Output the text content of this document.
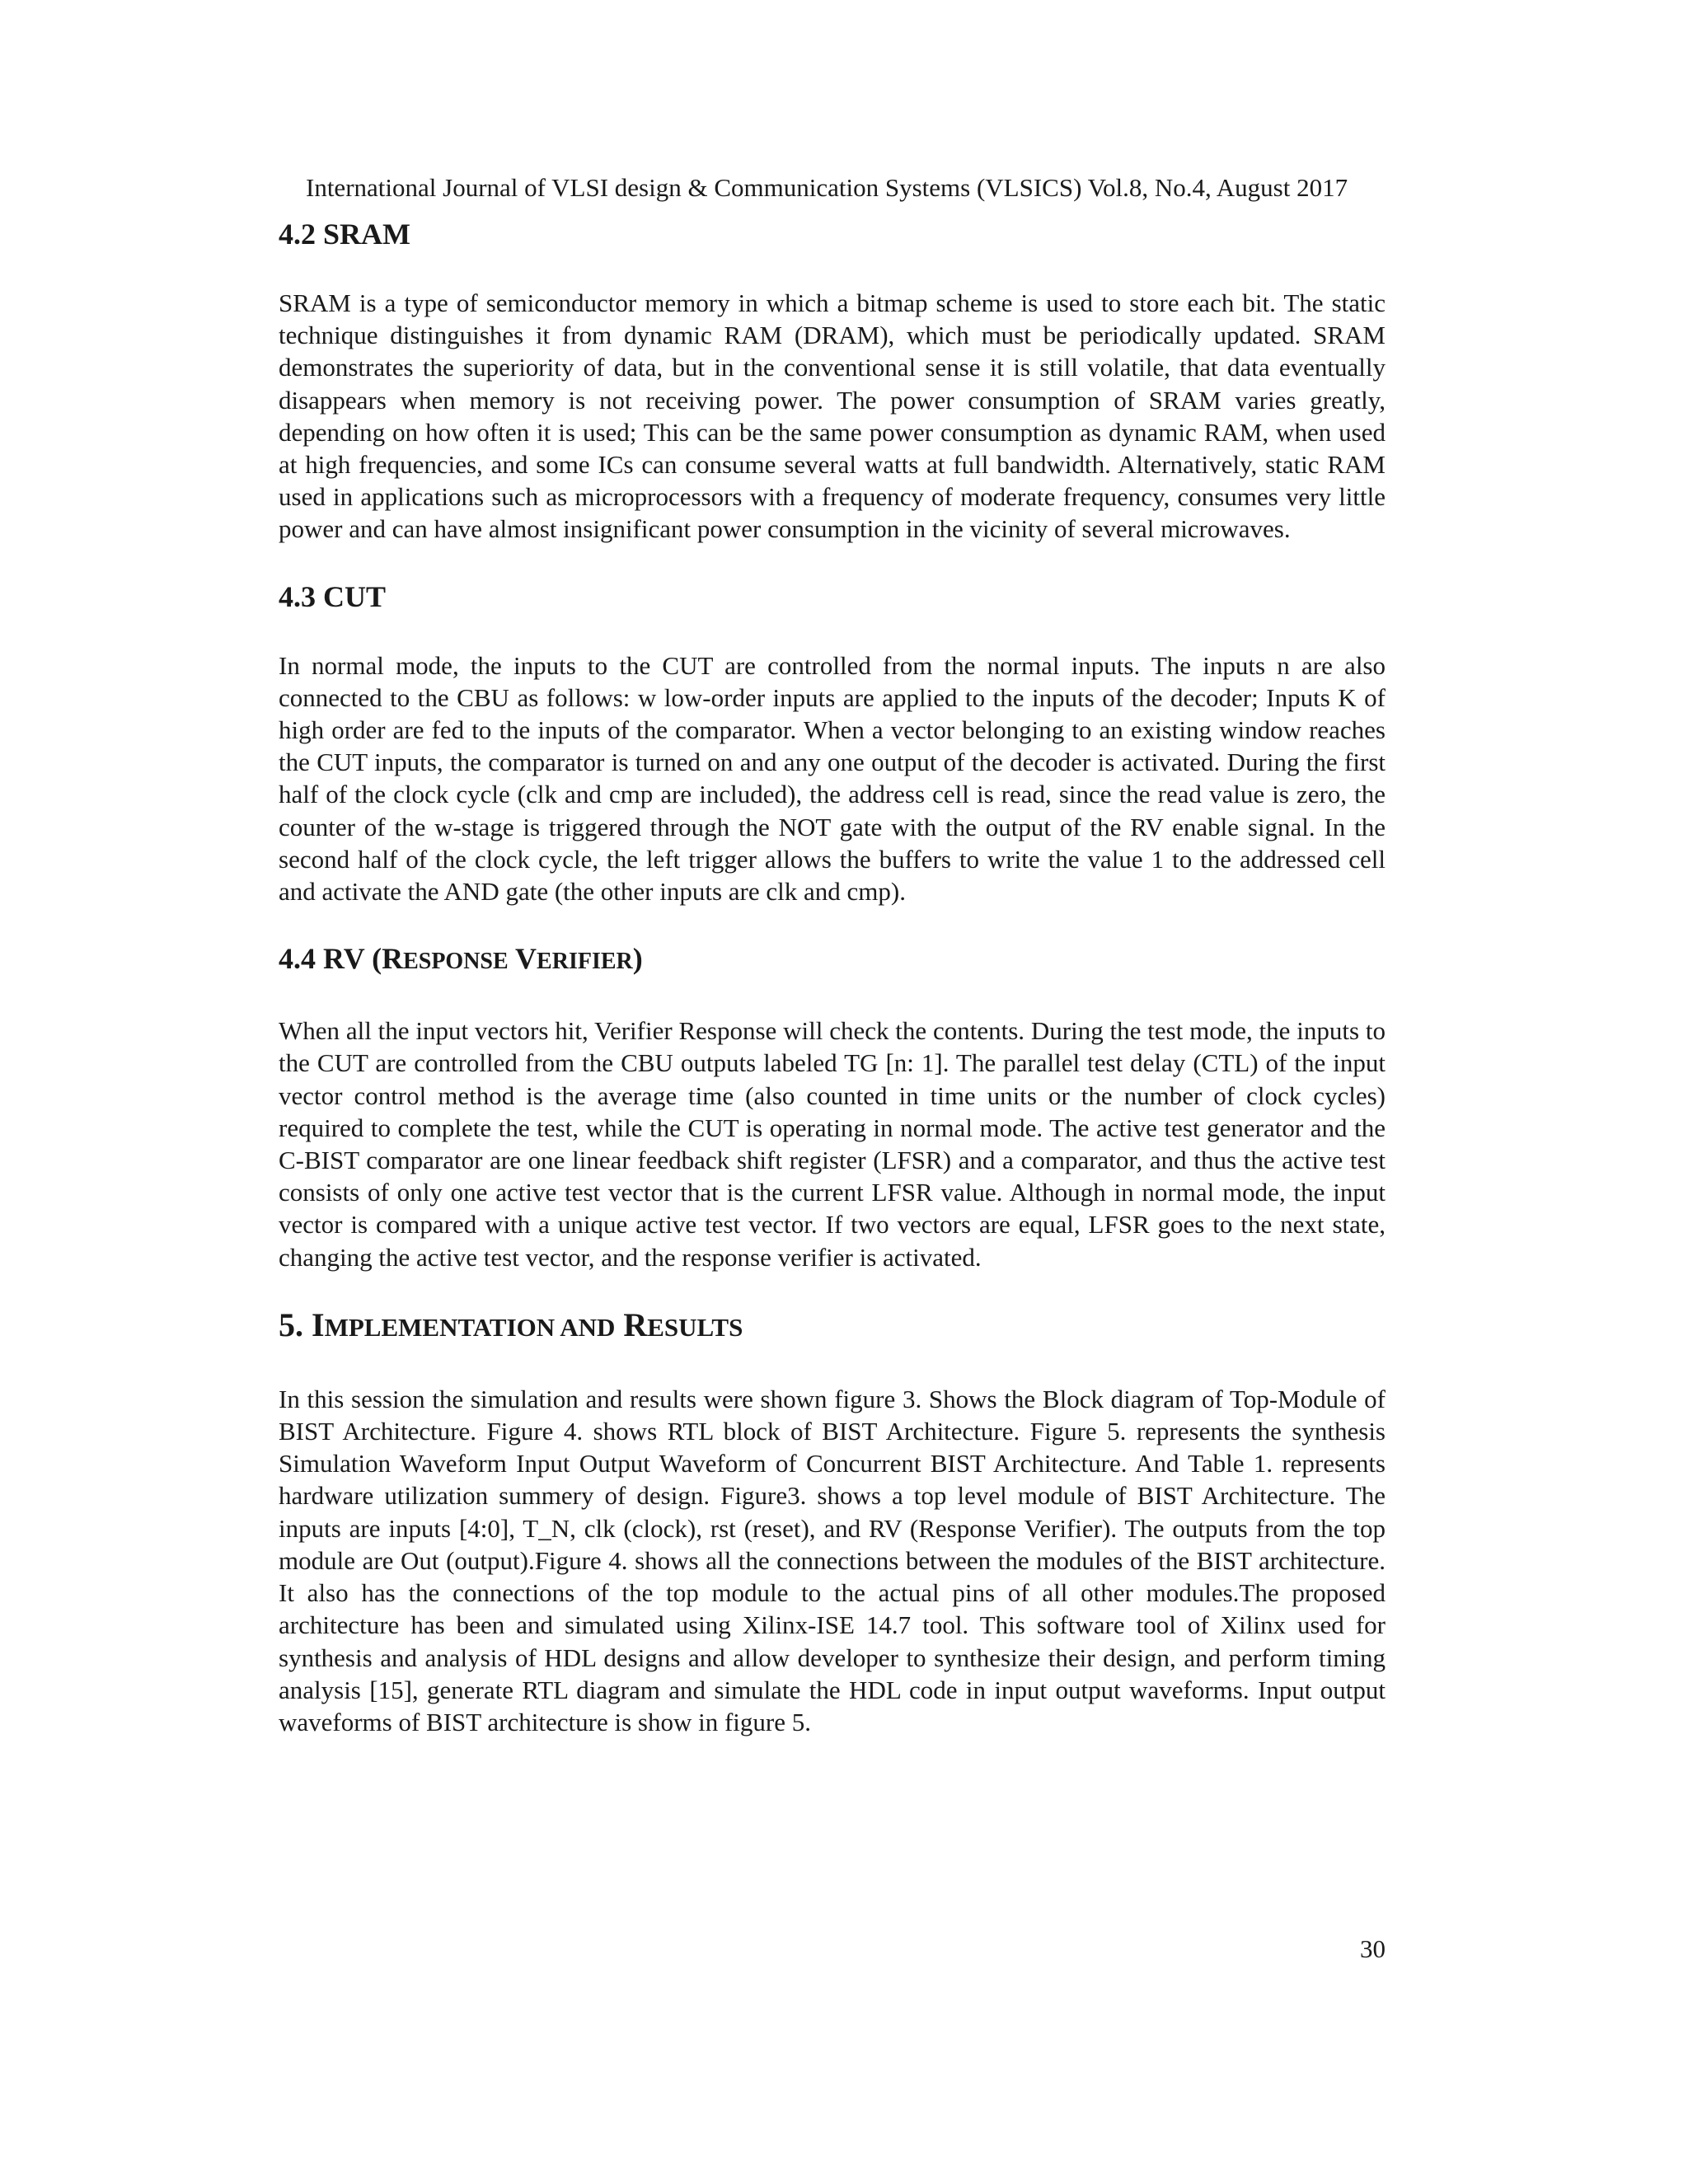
International Journal of VLSI design & Communication Systems (VLSICS) Vol.8, No.4, August 2017
4.2 SRAM

SRAM is a type of semiconductor memory in which a bitmap scheme is used to store each bit. The static technique distinguishes it from dynamic RAM (DRAM), which must be periodically updated. SRAM demonstrates the superiority of data, but in the conventional sense it is still volatile, that data eventually disappears when memory is not receiving power. The power consumption of SRAM varies greatly, depending on how often it is used; This can be the same power consumption as dynamic RAM, when used at high frequencies, and some ICs can consume several watts at full bandwidth. Alternatively, static RAM used in applications such as microprocessors with a frequency of moderate frequency, consumes very little power and can have almost insignificant power consumption in the vicinity of several microwaves.

4.3 CUT

In normal mode, the inputs to the CUT are controlled from the normal inputs. The inputs n are also connected to the CBU as follows: w low-order inputs are applied to the inputs of the decoder; Inputs K of high order are fed to the inputs of the comparator. When a vector belonging to an existing window reaches the CUT inputs, the comparator is turned on and any one output of the decoder is activated. During the first half of the clock cycle (clk and cmp are included), the address cell is read, since the read value is zero, the counter of the w-stage is triggered through the NOT gate with the output of the RV enable signal. In the second half of the clock cycle, the left trigger allows the buffers to write the value 1 to the addressed cell and activate the AND gate (the other inputs are clk and cmp).

4.4 RV (RESPONSE VERIFIER)

When all the input vectors hit, Verifier Response will check the contents. During the test mode, the inputs to the CUT are controlled from the CBU outputs labeled TG [n: 1]. The parallel test delay (CTL) of the input vector control method is the average time (also counted in time units or the number of clock cycles) required to complete the test, while the CUT is operating in normal mode. The active test generator and the C-BIST comparator are one linear feedback shift register (LFSR) and a comparator, and thus the active test consists of only one active test vector that is the current LFSR value. Although in normal mode, the input vector is compared with a unique active test vector. If two vectors are equal, LFSR goes to the next state, changing the active test vector, and the response verifier is activated.

5. IMPLEMENTATION AND RESULTS

In this session the simulation and results were shown figure 3. Shows the Block diagram of Top-Module of BIST Architecture. Figure 4. shows RTL block of BIST Architecture. Figure 5. represents the synthesis Simulation Waveform Input Output Waveform of Concurrent BIST Architecture. And Table 1. represents hardware utilization summery of design. Figure3. shows a top level module of BIST Architecture. The inputs are inputs [4:0], T_N, clk (clock), rst (reset), and RV (Response Verifier). The outputs from the top module are Out (output).Figure 4. shows all the connections between the modules of the BIST architecture. It also has the connections of the top module to the actual pins of all other modules.The proposed architecture has been and simulated using Xilinx-ISE 14.7 tool. This software tool of Xilinx used for synthesis and analysis of HDL designs and allow developer to synthesize their design, and perform timing analysis [15], generate RTL diagram and simulate the HDL code in input output waveforms. Input output waveforms of BIST architecture is show in figure 5.

30
